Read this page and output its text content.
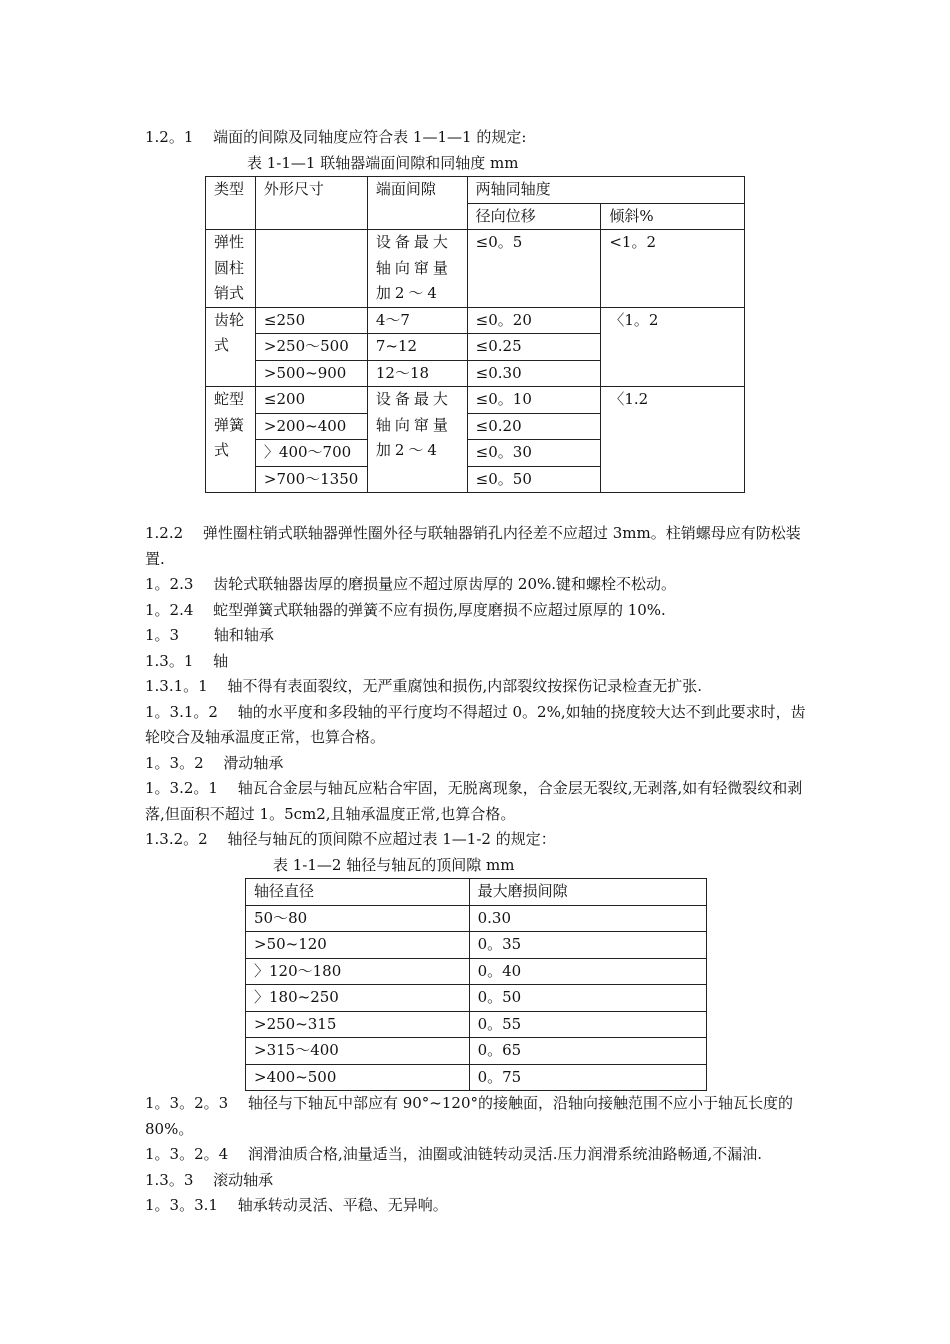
1.2。1　 端面的间隙及同轴度应符合表 1—1—1 的规定:

表 1-1—1 联轴器端面间隙和同轴度 mm

类型	外形尺寸	端面间隙	两轴同轴度	
			径向位移	倾斜%
弹性
圆柱
销式		设备最大
轴向窜量
加2～4	≤0。5	<1。2
齿轮
式	≤250	4～7	≤0。20	〈1。2
	>250～500	7~12	≤0.25	
	>500~900	12～18	≤0.30	
蛇型
弹簧
式	≤200	设备最大
轴向窜量
加2～4	≤0。10	〈1.2
	>200~400		≤0.20	
	〉400～700		≤0。30	
	>700～1350		≤0。50	

1.2.2　 弹性圈柱销式联轴器弹性圈外径与联轴器销孔内径差不应超过 3mm。柱销螺母应有防松装置.

1。2.3　 齿轮式联轴器齿厚的磨损量应不超过原齿厚的 20%.键和螺栓不松动。

1。2.4　 蛇型弹簧式联轴器的弹簧不应有损伤,厚度磨损不应超过原厚的 10%.

1。3　　 轴和轴承

1.3。1　 轴

1.3.1。1　 轴不得有表面裂纹，无严重腐蚀和损伤,内部裂纹按探伤记录检查无扩张.

1。3.1。2　 轴的水平度和多段轴的平行度均不得超过 0。2%,如轴的挠度较大达不到此要求时，齿轮咬合及轴承温度正常，也算合格。

1。3。2　 滑动轴承

1。3.2。1　 轴瓦合金层与轴瓦应粘合牢固，无脱离现象，合金层无裂纹,无剥落,如有轻微裂纹和剥落,但面积不超过 1。5cm2,且轴承温度正常,也算合格。

1.3.2。2　 轴径与轴瓦的顶间隙不应超过表 1—1-2 的规定：

表 1-1—2 轴径与轴瓦的顶间隙 mm

轴径直径	最大磨损间隙
50～80	0.30
>50~120	0。35
〉120～180	0。40
〉180~250	0。50
>250~315	0。55
>315～400	0。65
>400~500	0。75

1。3。2。3　 轴径与下轴瓦中部应有 90°~120°的接触面，沿轴向接触范围不应小于轴瓦长度的 80%。

1。3。2。4　 润滑油质合格,油量适当，油圈或油链转动灵活.压力润滑系统油路畅通,不漏油.

1.3。3　 滚动轴承

1。3。3.1　 轴承转动灵活、平稳、无异响。
